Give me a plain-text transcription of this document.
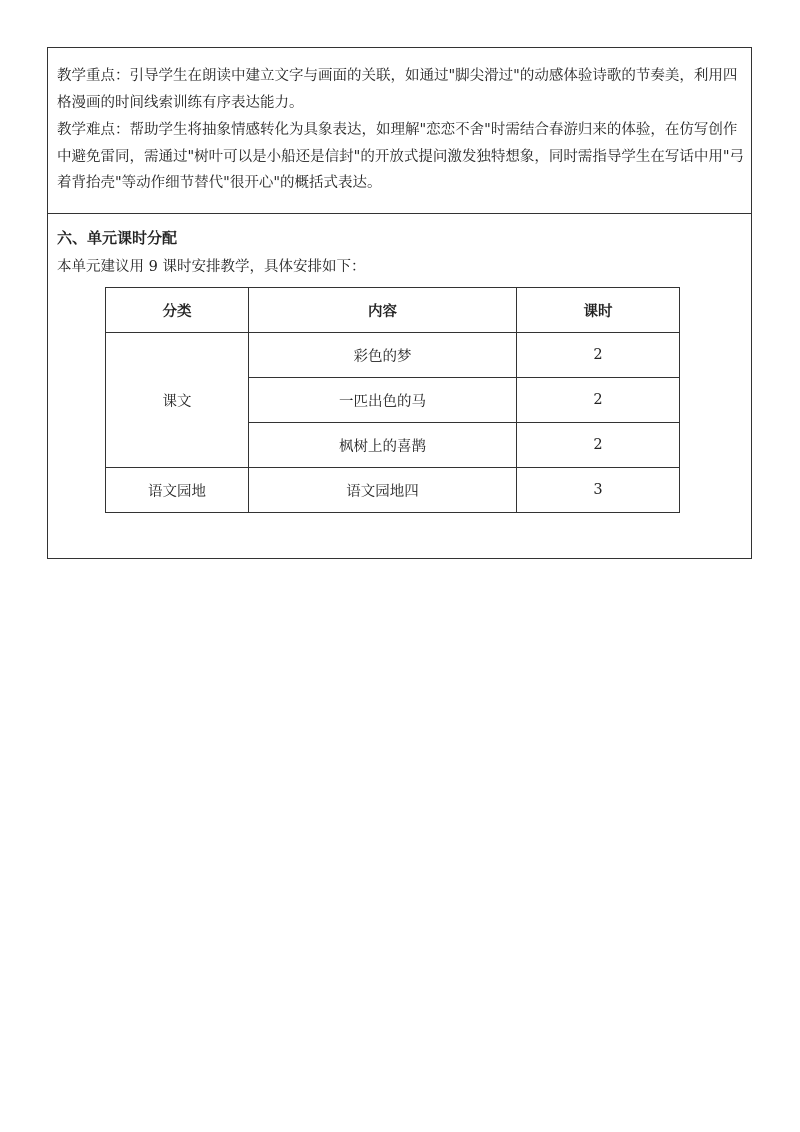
教学重点：引导学生在朗读中建立文字与画面的关联，如通过"脚尖滑过"的动感体验诗歌的节奏美，利用四格漫画的时间线索训练有序表达能力。

教学难点：帮助学生将抽象情感转化为具象表达，如理解"恋恋不舍"时需结合春游归来的体验，在仿写创作中避免雷同，需通过"树叶可以是小船还是信封"的开放式提问激发独特想象，同时需指导学生在写话中用"弓着背抬壳"等动作细节替代"很开心"的概括式表达。

六、单元课时分配
本单元建议用 9 课时安排教学，具体安排如下：
分类	内容	课时
课文	彩色的梦	2
	一匹出色的马	2
	枫树上的喜鹊	2
语文园地	语文园地四	3
